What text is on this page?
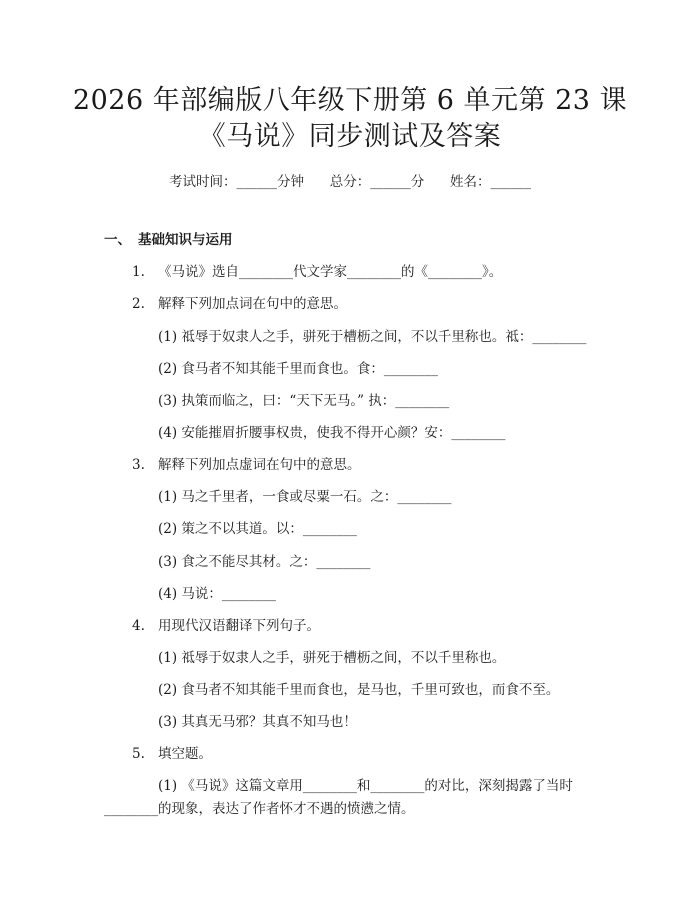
2026 年部编版八年级下册第 6 单元第 23 课
《马说》同步测试及答案
考试时间：______分钟      总分：______分      姓名：______
一、 基础知识与运用
1. 《马说》选自________代文学家________的《________》。
2. 解释下列加点词在句中的意思。
(1) 祗辱于奴隶人之手，骈死于槽枥之间，不以千里称也。祗：________
(2) 食马者不知其能千里而食也。食：________
(3) 执策而临之，曰：“天下无马。” 执：________
(4) 安能摧眉折腰事权贵，使我不得开心颜？安：________
3. 解释下列加点虚词在句中的意思。
(1) 马之千里者，一食或尽粟一石。之：________
(2) 策之不以其道。以：________
(3) 食之不能尽其材。之：________
(4) 马说：________
4. 用现代汉语翻译下列句子。
(1) 祗辱于奴隶人之手，骈死于槽枥之间，不以千里称也。
(2) 食马者不知其能千里而食也，是马也，千里可致也，而食不至。
(3) 其真无马邪？其真不知马也！
5. 填空题。
(1) 《马说》这篇文章用________和________的对比，深刻揭露了当时
________的现象，表达了作者怀才不遇的愤懑之情。
